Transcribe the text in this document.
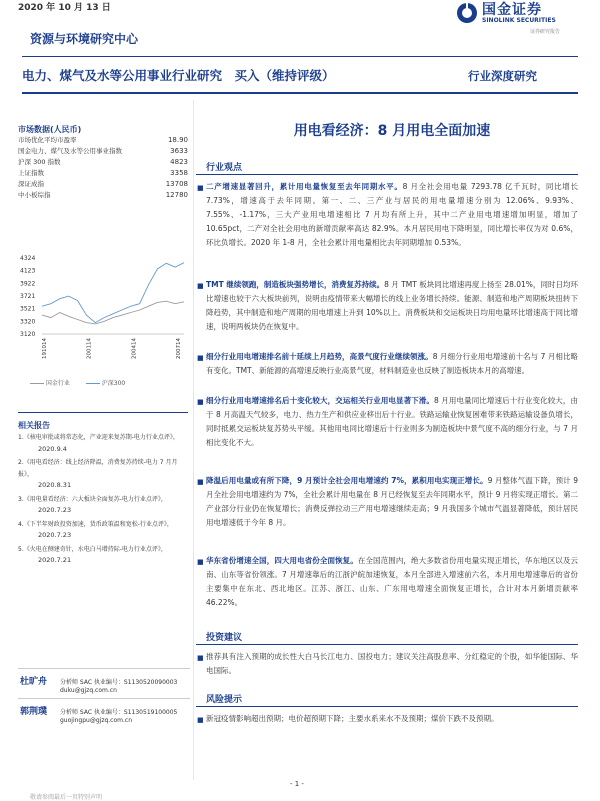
2020 年 10 月 13 日	国金证券
SINOLINK SECURITIES
证券研究报告
资源与环境研究中心
电力、煤气及水等公用事业行业研究　买入（维持评级）	行业深度研究
市场数据(人民币)
市场优化平均市盈率	18.90
国金电力、煤气及水等公用事业指数	3633
沪深 300 指数	4823
上证指数	3358
深证成指	13708
中小板综指	12780
4324
4123
3922
3721
3521
3320
3120
191014	200114	200414	200714
国金行业	沪深300
相关报告
1.《核电审批或将常态化，产业迎来复苏期-电力行业点评》，
2020.9.4
2.《用电看经济：线上经济降温，消费复苏持续-电力 7 月月报》，
2020.8.31
3.《用电量看经济：六大板块全面复苏-电力行业点评》，
2020.7.23
4.《下半年财政投资加速，货币政策温和宽松-行业点评》，
2020.7.23
5.《火电在侧建奇针，水电白马增持际-电力行业点评》，
2020.7.21
杜旷舟 分析师 SAC 执业编号：S1130520090003
duku@gjzq.com.cn
郭荆璞 分析师 SAC 执业编号：S1130519100005
guojingpu@gjzq.com.cn
用电看经济：8 月用电全面加速
行业观点
■ 二产增速显著回升，累计用电量恢复至去年同期水平。8 月全社会用电量 7293.78 亿千瓦时，同比增长 7.73%，增速高于去年同期。第一、二、三产业与居民的用电量增速分别为 12.06%、9.93%、7.55%、-1.17%，三大产业用电增速相比 7 月均有所上升，其中二产业用电增速增加明显，增加了 10.65pct，二产对全社会用电的新增贡献率高达 82.9%。本月居民用电下降明显，同比增长率仅为对 0.6%，环比负增长。2020 年 1-8 月，全社会累计用电量相比去年同期增加 0.53%。
■ TMT 继续领跑，制造板块强势增长，消费复苏持续。8 月 TMT 板块同比增速再度上扬至 28.01%，同时日均环比增速也较于六大板块前列，说明由疫情带来大幅增长的线上业务增长持续。能源、制造和地产周期板块扭转下降趋势，其中制造和地产周期的用电增速上升到 10%以上。消费板块和交运板块日均用电量环比增速高于同比增速，说明两板块仍在恢复中。
■ 细分行业用电增速排名前十延续上月趋势，高景气度行业继续领涨。8 月细分行业用电增速前十名与 7 月相比略有变化。TMT、新能源的高增速反映行业高景气度，材料制造业也反映了制造板块本月的高增速。
■ 细分行业用电增速排名后十变化较大，交运相关行业用电显著下滑。8 月用电量同比增速后十行业变化较大，由于 8 月高温天气较多，电力、热力生产和供应业移出后十行业。铁路运输业恢复困难带来铁路运输设备负增长，同时抵累交运板块复苏势头平缓。其他用电同比增速后十行业则多为制造板块中景气度不高的细分行业，与 7 月相比变化不大。
■ 降温后用电量或有所下降，9 月预计全社会用电增速约 7%，累积用电实现正增长。9 月整体气温下降，预计 9 月全社会用电增速约为 7%，全社会累计用电量在 8 月已经恢复至去年同期水平，预计 9 月将实现正增长。第二产业部分行业仍在恢复增长；消费反弹拉动三产用电增速继续走高；9 月我国多个城市气温显著降低，预计居民用电增速低于今年 8 月。
■ 华东省份增速全国，四大用电省份全面恢复。在全国范围内，绝大多数省份用电量实现正增长，华东地区以及云南、山东等省份领涨。7 月增速靠后的江浙沪皖加速恢复，本月全部进入增速前六名，本月用电增速靠后的省份主要集中在东北、西北地区。江苏、浙江、山东、广东用电增速全面恢复正增长，合计对本月新增贡献率 46.22%。
投资建议
■ 推荐具有注入预期的成长性大白马长江电力、国投电力；建议关注高股息率、分红稳定的个股，如华能国际、华电国际。
风险提示
■ 新冠疫情影响超出预期；电价超预期下降；主要水系来水不及预期；煤价下跌不及预期。
- 1 -
敬请参阅最后一页特别声明
